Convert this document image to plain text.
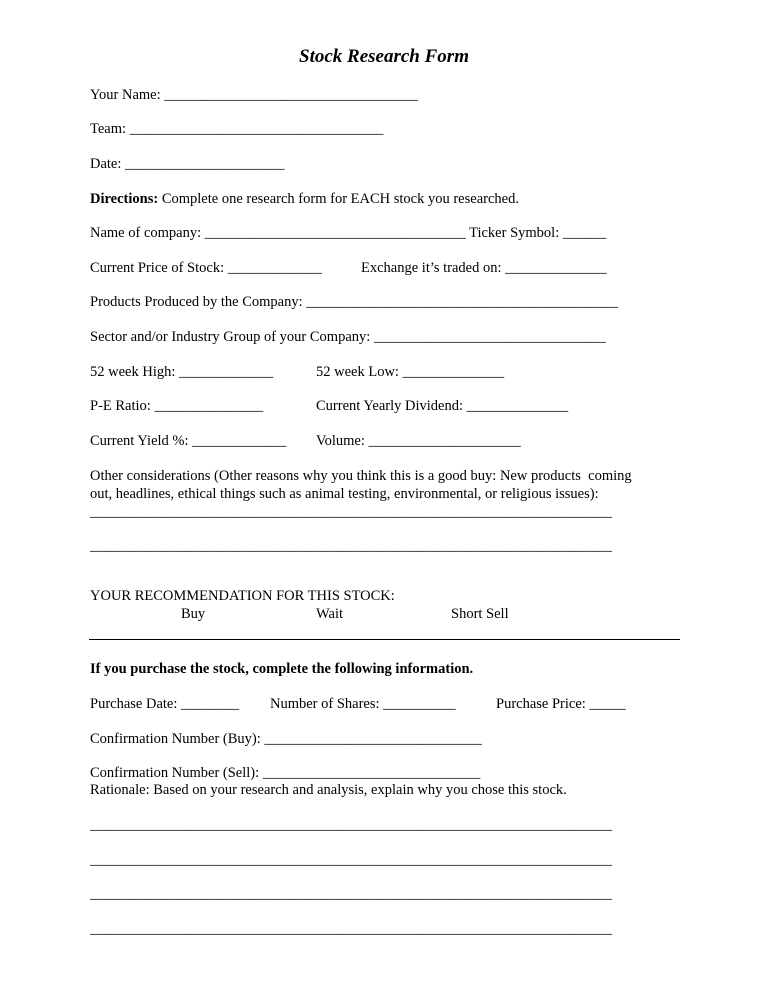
Stock Research Form
Your Name: ___________________________________
Team: ___________________________________
Date: ______________________
Directions: Complete one research form for EACH stock you researched.
Name of company: ____________________________________ Ticker Symbol: ______
Current Price of Stock: _____________	Exchange it’s traded on: ______________
Products Produced by the Company: ___________________________________________
Sector and/or Industry Group of your Company: ________________________________
52 week High: _____________	52 week Low: ______________
P-E Ratio: _______________	Current Yearly Dividend: ______________
Current Yield %: _____________ Volume: _____________________
Other considerations (Other reasons why you think this is a good buy: New products  coming
out, headlines, ethical things such as animal testing, environmental, or religious issues):
________________________________________________________________________
________________________________________________________________________
YOUR RECOMMENDATION FOR THIS STOCK:
Buy	Wait	Short Sell
If you purchase the stock, complete the following information.
Purchase Date: ________ Number of Shares: __________	Purchase Price: _____
Confirmation Number (Buy): ______________________________
Confirmation Number (Sell): ______________________________
Rationale: Based on your research and analysis, explain why you chose this stock.
________________________________________________________________________
________________________________________________________________________
________________________________________________________________________
________________________________________________________________________
